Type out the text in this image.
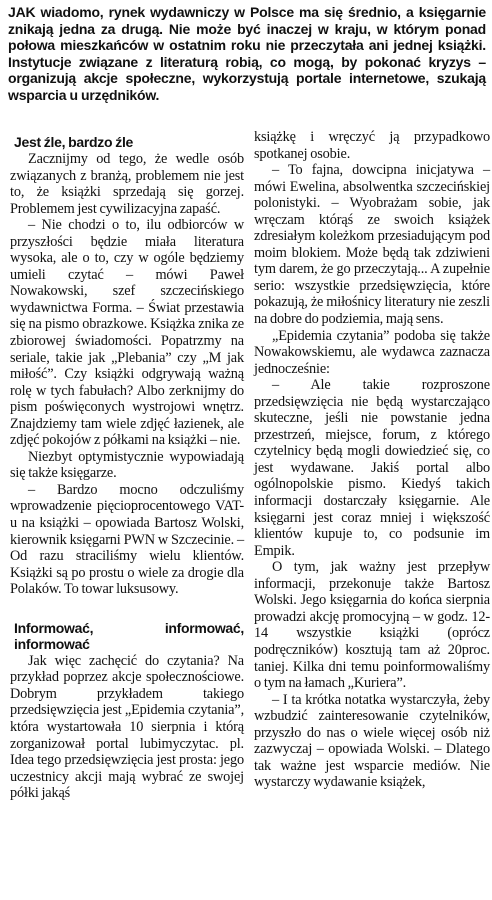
JAK wiadomo, rynek wydawniczy w Polsce ma się średnio, a księgarnie znikają jedna za drugą. Nie może być inaczej w kraju, w którym ponad połowa mieszkańców w ostatnim roku nie przeczytała ani jednej książki. Instytucje związane z literaturą robią, co mogą, by pokonać kryzys – organizują akcje społeczne, wykorzystują portale internetowe, szukają wsparcia u urzędników.
Jest źle, bardzo źle

Zacznijmy od tego, że wedle osób związanych z branżą, problemem nie jest to, że książki sprzedają się gorzej. Problemem jest cywilizacyjna zapaść.

– Nie chodzi o to, ilu odbiorców w przyszłości będzie miała literatura wysoka, ale o to, czy w ogóle będziemy umieli czytać – mówi Paweł Nowakowski, szef szczecińskiego wydawnictwa Forma. – Świat przestawia się na pismo obrazkowe. Książka znika ze zbiorowej świadomości. Popatrzmy na seriale, takie jak „Plebania” czy „M jak miłość”. Czy książki odgrywają ważną rolę w tych fabułach? Albo zerknijmy do pism poświęconych wystrojowi wnętrz. Znajdziemy tam wiele zdjęć łazienek, ale zdjęć pokojów z półkami na książki – nie.

Niezbyt optymistycznie wypowiadają się także księgarze.

– Bardzo mocno odczuliśmy wprowadzenie pięcioprocentowego VAT-u na książki – opowiada Bartosz Wolski, kierownik księgarni PWN w Szczecinie. – Od razu straciliśmy wielu klientów. Książki są po prostu o wiele za drogie dla Polaków. To towar luksusowy.

Informować, informować, informować

Jak więc zachęcić do czytania? Na przykład poprzez akcje społecznościowe. Dobrym przykładem takiego przedsięwzięcia jest „Epidemia czytania”, która wystartowała 10 sierpnia i którą zorganizował portal lubimyczytac. pl. Idea tego przedsięwzięcia jest prosta: jego uczestnicy akcji mają wybrać ze swojej półki jakąś

książkę i wręczyć ją przypadkowo spotkanej osobie.

– To fajna, dowcipna inicjatywa – mówi Ewelina, absolwentka szczecińskiej polonistyki. – Wyobrażam sobie, jak wręczam którąś ze swoich książek zdresiałym koleżkom przesiadującym pod moim blokiem. Może będą tak zdziwieni tym darem, że go przeczytają... A zupełnie serio: wszystkie przedsięwzięcia, które pokazują, że miłośnicy literatury nie zeszli na dobre do podziemia, mają sens.

„Epidemia czytania” podoba się także Nowakowskiemu, ale wydawca zaznacza jednocześnie:

– Ale takie rozproszone przedsięwzięcia nie będą wystarczająco skuteczne, jeśli nie powstanie jedna przestrzeń, miejsce, forum, z którego czytelnicy będą mogli dowiedzieć się, co jest wydawane. Jakiś portal albo ogólnopolskie pismo. Kiedyś takich informacji dostarczały księgarnie. Ale księgarni jest coraz mniej i większość klientów kupuje to, co podsunie im Empik.

O tym, jak ważny jest przepływ informacji, przekonuje także Bartosz Wolski. Jego księgarnia do końca sierpnia prowadzi akcję promocyjną – w godz. 12-14 wszystkie książki (oprócz podręczników) kosztują tam aż 20proc. taniej. Kilka dni temu poinformowaliśmy o tym na łamach „Kuriera”.

– I ta krótka notatka wystarczyła, żeby wzbudzić zainteresowanie czytelników, przyszło do nas o wiele więcej osób niż zazwyczaj – opowiada Wolski. – Dlatego tak ważne jest wsparcie mediów. Nie wystarczy wydawanie książek,
